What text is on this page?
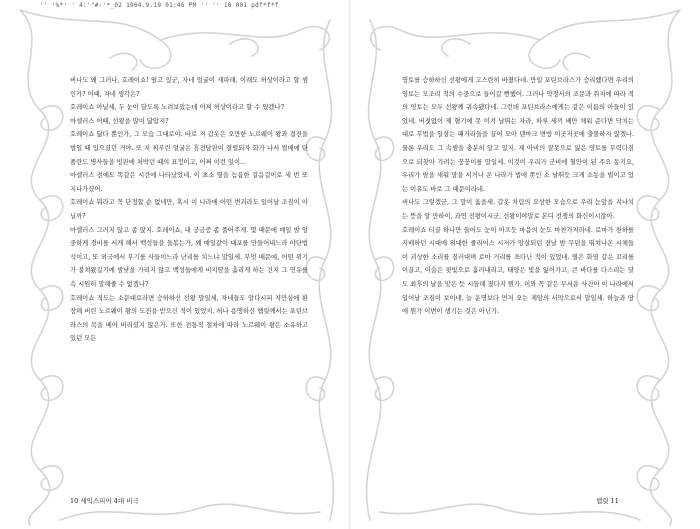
'' '%*' ' 4:'"#-'*_02 1904.9.19 01:46 PM '' '' 10 001 pdf*f*f

버나도 왜 그러나, 호레이쇼! 떨고 있군, 자네 얼굴이 새파래. 이래도 허상이라고 할 셈인가? 어때, 자네 생각은?

호레이쇼 아닐세, 두 눈이 달도록 노려보았는데 어찌 허상이라고 할 수 있겠나?

마셀러스 어때, 선왕을 많이 닮았지?

호레이쇼 닮다 뿐인가, 그 모습 그대로야. 바로 저 갑옷은 오만한 노르웨이 왕과 결전을 벌일 때 입으셨던 거야. 또 저 찌푸린 얼굴은 휴전담판이 결렬되자 화가 나서 썰매에 탄 폴란드 병사들을 빙판에 처박던 때의 표정이고, 어쩌 이런 일이...

마셀러스 전에도 똑같은 시간에 나타났었네. 이 초소 옆을 늠름한 걸음걸이로 세 번 또 지나가셨어.

호레이쇼 뭐라고 꼭 단정할 순 없네만, 혹시 이 나라에 어떤 변괴라도 일어날 조짐이 아닐까?

마셀러스 그러지 앉고 좀 앉지. 호레이쇼, 내 궁금증 좀 풀어주게. 몇 때문에 매일 밤 엄중하게 경비를 서게 해서 백성들을 들볶는가, 왜 매일같이 대포를 만들어내느라 야단법석이고, 또 외국에서 무기를 사들이느라 난리를 치느냐 말일세. 무엇 때문에, 어떤 위기가 불쳐왔길기에 밤낮을 가리지 않고 백성들에게 비지땀을 흘리게 하는 건지 그 연유를 속 시원히 말해줄 수 없겠나?

호레이쇼 적도는 소문대로라면 승하하신 선왕 말일세, 자네들도 알다시피 자만심에 환장해 버린 노르웨이 왕의 도전을 받으신 적이 있었지. 허나 용맹하신 햄릿께서는 포틴브라스의 목을 베어 버리셨지 않은가. 또한 전통적 절차에 따라 노르웨이 왕은 소유하고 있던 모든

영토를 승하하신 선왕에게 고스란히 바쳤다네. 만일 포틴브라스가 승리했다면 우리의 영토는 모조리 적의 수중으로 들어갈 뻔했어. 그러나 약정서의 조문과 취지에 따라 적의 영토는 모두 선왕께 귀속됐다네. 그런데 포틴브라스에게는 같은 이름의 아들이 있었네. 버젓없이 제 혈기에 못 이겨 날뛰는 자라, 하루 세끼 배만 채워 준다면 닥치는 대로 무법을 일삼는 패거리들을 끌어 모아 덴마크 변방 이곳저곳에 출몰하지 않겠나. 물론 우리도 그 속셈을 충분히 알고 있지. 제 아비의 잘못으로 잃은 영토를 무력다짐으로 되찾아 가려는 꿍꿍이를 말일세. 이것이 우리가 군비에 혈안이 된 주요 동기요, 우리가 밤을 새워 망을 서거나 온 나라가 법에 쫏인 소 날뛰듯 크게 소동을 벌이고 있는 이유도 바로 그 때문이라네.

버나도 그렇겠군, 그 말이 옳을세. 갑옷 차림의 요상한 모습으로 우리 눈앞을 지나치는 뜻을 알 만하이, 과연 선왕이시군, 선왕이야말로 본디 전쟁의 화신이시잖아.

호레이쇼 티끌 하나만 들어도 눈이 아프듯 마음의 눈도 마찬가지라네. 로마가 천하를 지배하던 시대에 위대한 줄리어스 시저가 암살되던 전날 밤 무덤을 뛰쳐나온 시체들이 괴상한 소리를 질러대며 로마 거리를 쏘다닌 적이 있었네. 별은 화염 같은 꼬리를 이끌고, 이슬은 핏빛으로 흘러내리고, 태양은 빛을 잃어가고, 큰 바다를 다스리는 달도 최후의 날을 맞은 듯 시들해 졌다지 뭔가. 이와 꼭 같은 무서운 사건이 이 나라에서 일어날 조짐이 보이네. 늘 운명보다 먼저 오는 재앙의 서막으로서 말일세. 하늘과 땅에 뭔가 이변이 생기는 것은 아닌가.

10 세익스피어 4대 비극	햄릿 11
